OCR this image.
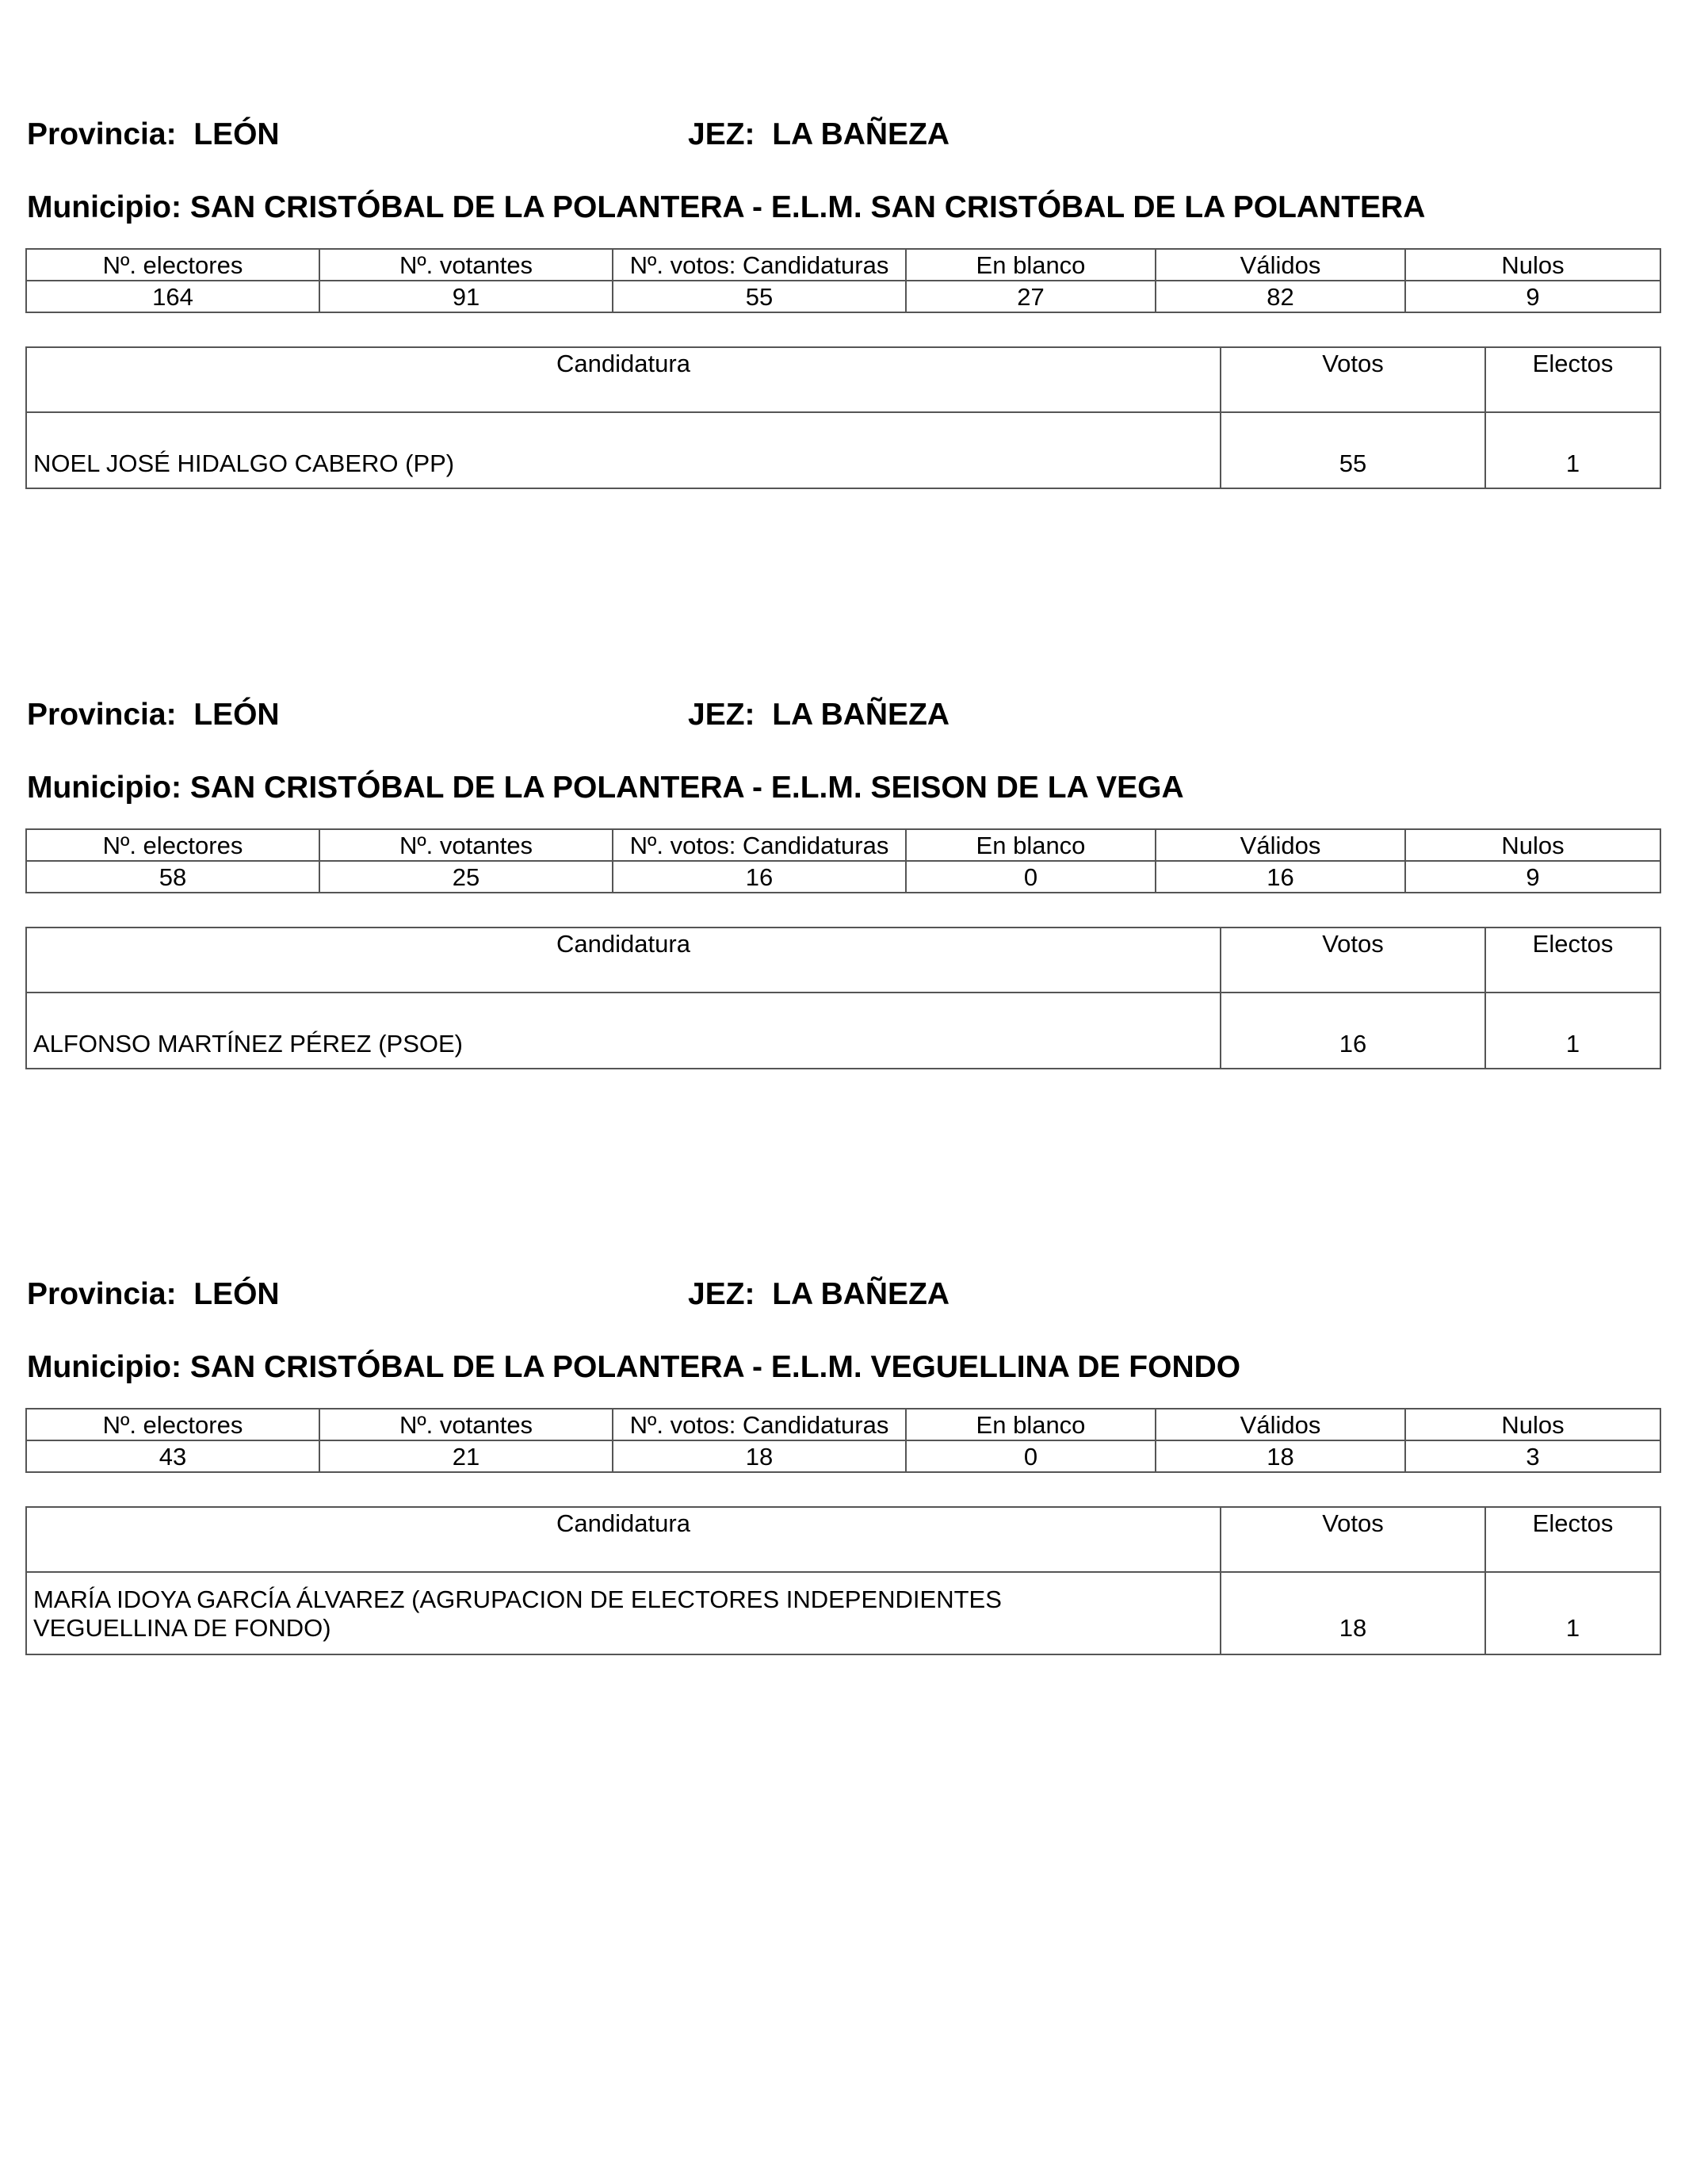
Provincia: LEÓN	JEZ: LA BAÑEZA
Municipio: SAN CRISTÓBAL DE LA POLANTERA - E.L.M. SAN CRISTÓBAL DE LA POLANTERA
Nº. electores	Nº. votantes	Nº. votos: Candidaturas	En blanco	Válidos	Nulos
164	91	55	27	82	9
Candidatura	Votos	Electos
NOEL JOSÉ HIDALGO CABERO (PP)	55	1
Provincia: LEÓN	JEZ: LA BAÑEZA
Municipio: SAN CRISTÓBAL DE LA POLANTERA - E.L.M. SEISON DE LA VEGA
Nº. electores	Nº. votantes	Nº. votos: Candidaturas	En blanco	Válidos	Nulos
58	25	16	0	16	9
Candidatura	Votos	Electos
ALFONSO MARTÍNEZ PÉREZ (PSOE)	16	1
Provincia: LEÓN	JEZ: LA BAÑEZA
Municipio: SAN CRISTÓBAL DE LA POLANTERA - E.L.M. VEGUELLINA DE FONDO
Nº. electores	Nº. votantes	Nº. votos: Candidaturas	En blanco	Válidos	Nulos
43	21	18	0	18	3
Candidatura	Votos	Electos
MARÍA IDOYA GARCÍA ÁLVAREZ (AGRUPACION DE ELECTORES INDEPENDIENTES
VEGUELLINA DE FONDO)	18	1
